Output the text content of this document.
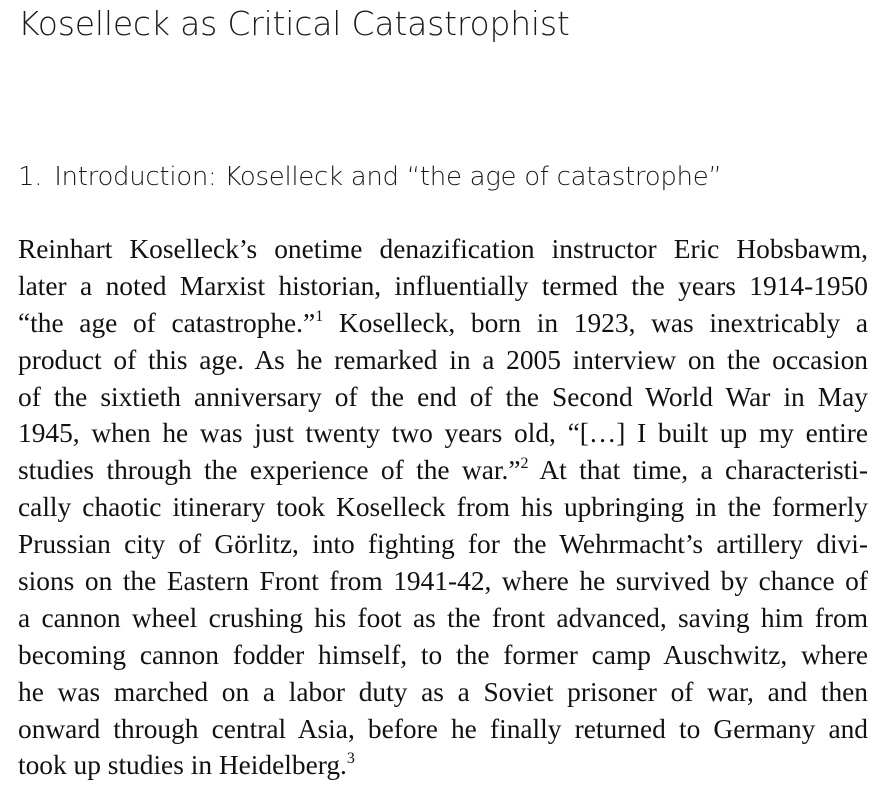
Koselleck as Critical Catastrophist
1. Introduction: Koselleck and “the age of catastrophe”
Reinhart Koselleck’s onetime denazification instructor Eric Hobsbawm,
later a noted Marxist historian, influentially termed the years 1914-1950
“the age of catastrophe.”$^1$ Koselleck, born in 1923, was inextricably a
product of this age. As he remarked in a 2005 interview on the occasion
of the sixtieth anniversary of the end of the Second World War in May
1945, when he was just twenty two years old, “[…] I built up my entire
studies through the experience of the war.”$^2$ At that time, a characteristi-
cally chaotic itinerary took Koselleck from his upbringing in the formerly
Prussian city of Görlitz, into fighting for the Wehrmacht’s artillery divi-
sions on the Eastern Front from 1941-42, where he survived by chance of
a cannon wheel crushing his foot as the front advanced, saving him from
becoming cannon fodder himself, to the former camp Auschwitz, where
he was marched on a labor duty as a Soviet prisoner of war, and then
onward through central Asia, before he finally returned to Germany and
took up studies in Heidelberg.$^3$
